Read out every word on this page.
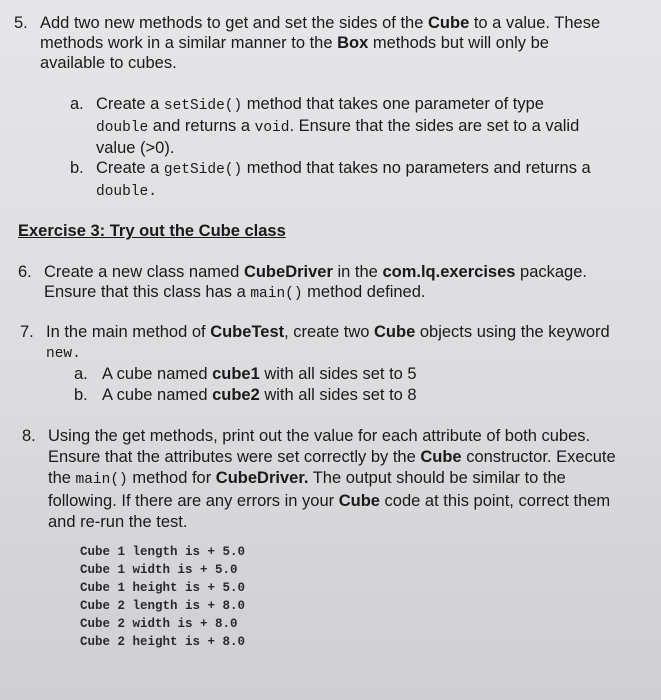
5. Add two new methods to get and set the sides of the Cube to a value. These
methods work in a similar manner to the Box methods but will only be
available to cubes.
a. Create a setSide() method that takes one parameter of type
double and returns a void. Ensure that the sides are set to a valid
value (>0).
b. Create a getSide() method that takes no parameters and returns a
double.
Exercise 3: Try out the Cube class
6. Create a new class named CubeDriver in the com.lq.exercises package.
Ensure that this class has a main() method defined.
7. In the main method of CubeTest, create two Cube objects using the keyword
new.
a. A cube named cube1 with all sides set to 5
b. A cube named cube2 with all sides set to 8
8. Using the get methods, print out the value for each attribute of both cubes.
Ensure that the attributes were set correctly by the Cube constructor. Execute
the main() method for CubeDriver. The output should be similar to the
following. If there are any errors in your Cube code at this point, correct them
and re-run the test.
Cube 1 length is + 5.0
Cube 1 width is + 5.0
Cube 1 height is + 5.0
Cube 2 length is + 8.0
Cube 2 width is + 8.0
Cube 2 height is + 8.0
